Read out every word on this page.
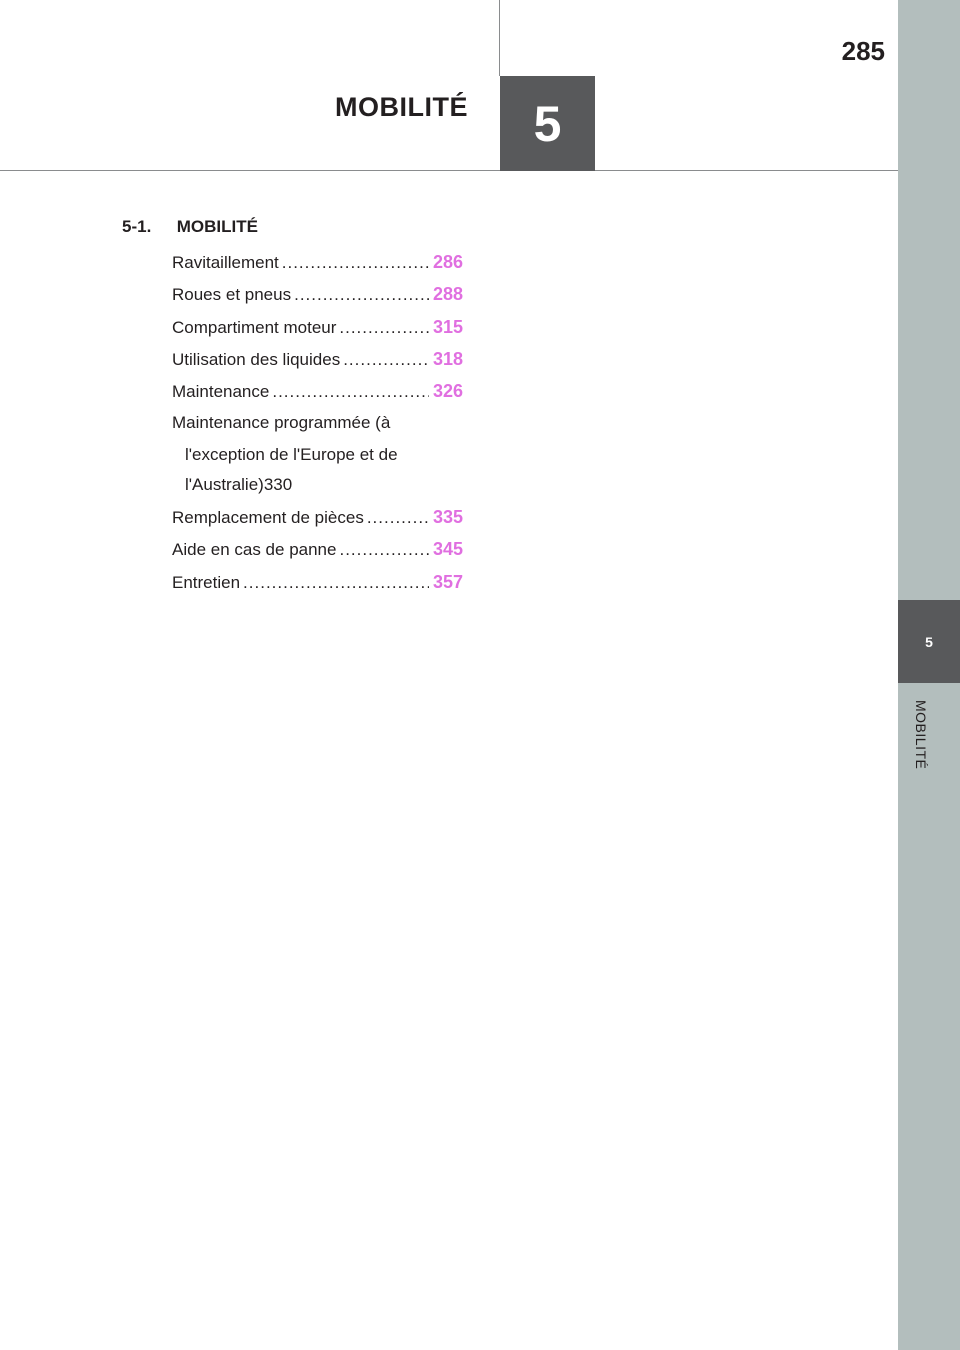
285
MOBILITÉ	5
5
MOBILITÉ
5-1. MOBILITÉ
Ravitaillement .....	286
Roues et pneus .....	288
Compartiment moteur .....	315
Utilisation des liquides .....	318
Maintenance .....	326
Maintenance programmée (à
l'exception de l'Europe et de
l'Australie) 330
Remplacement de pièces .....	335
Aide en cas de panne .....	345
Entretien .....	357
